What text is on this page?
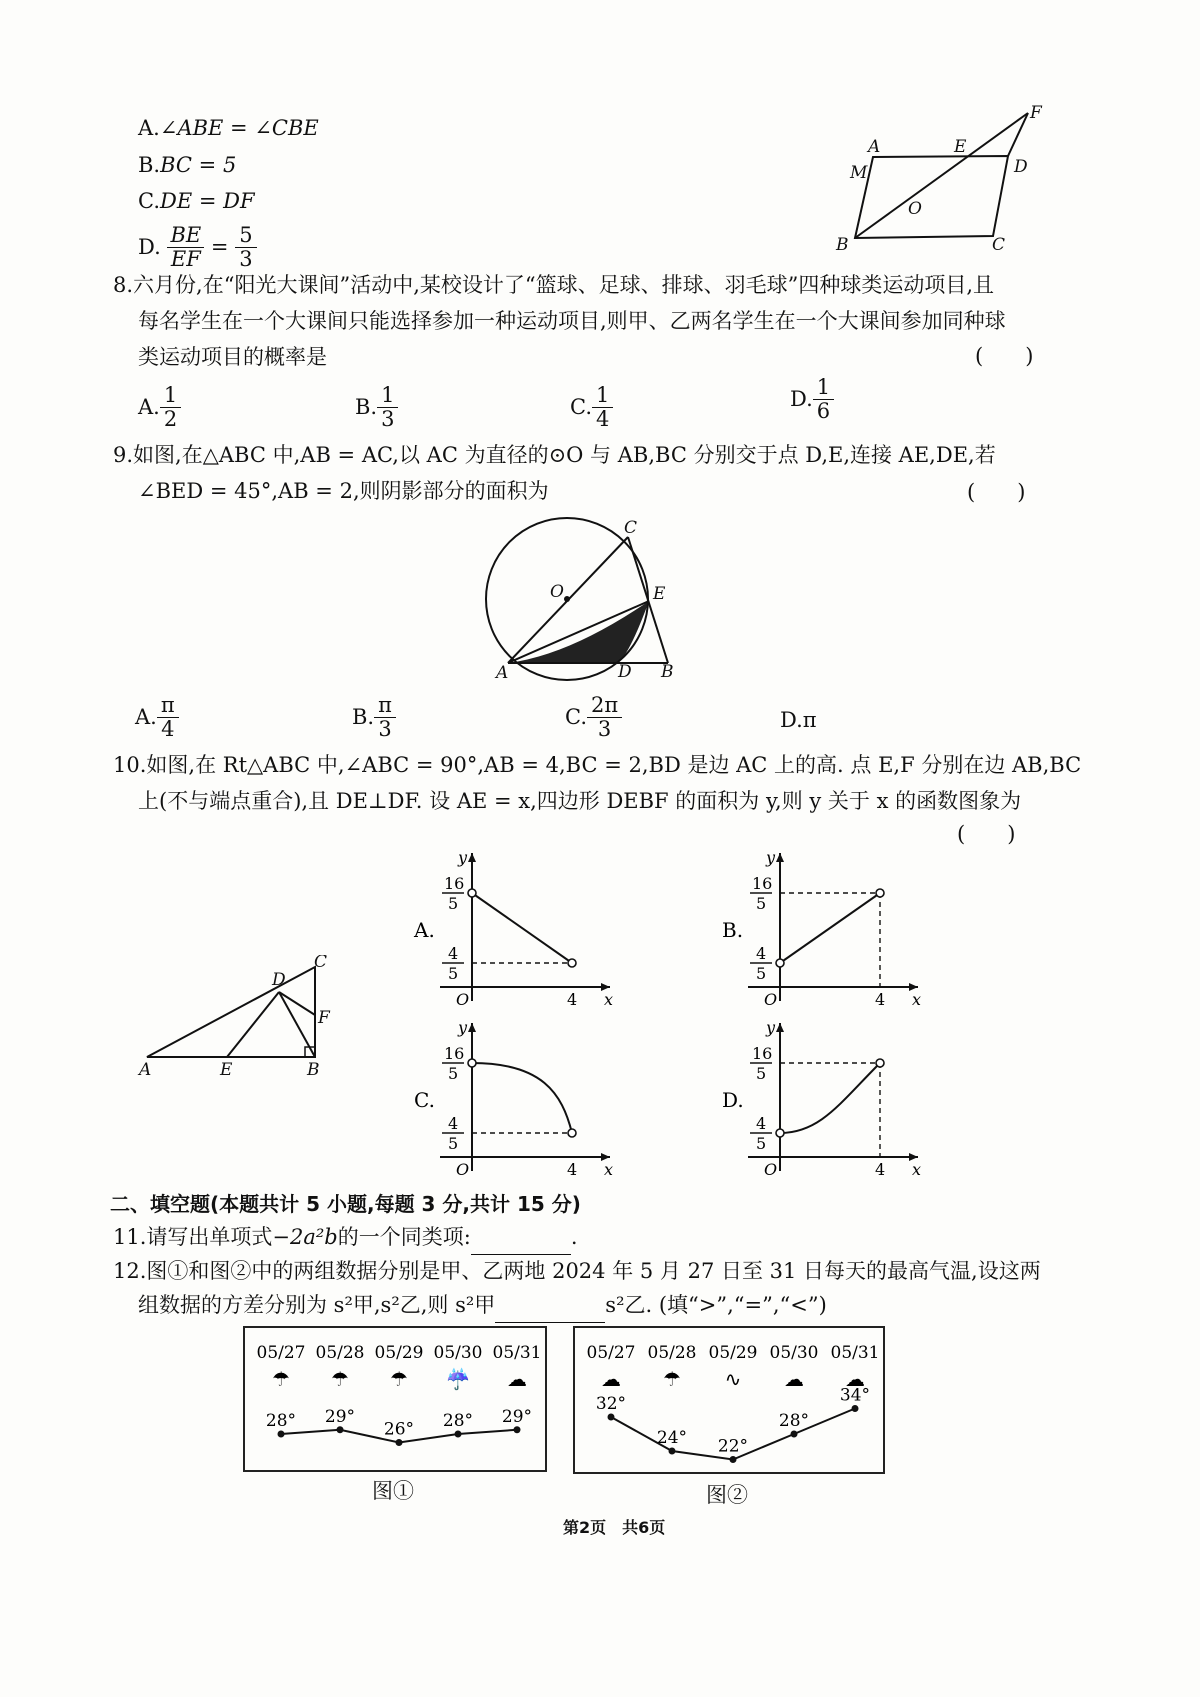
A.∠ABE = ∠CBE
B.BC = 5
C.DE = DF
D. $\frac{BE}{EF} = \frac{5}{3}$
A	E
D
F
M
O
B	C
8.六月份,在“阳光大课间”活动中,某校设计了“篮球、足球、排球、羽毛球”四种球类运动项目,且
每名学生在一个大课间只能选择参加一种运动项目,则甲、乙两名学生在一个大课间参加同种球
类运动项目的概率是	(　　)
A. $\frac{1}{2}$	B. $\frac{1}{3}$	C. $\frac{1}{4}$	D. $\frac{1}{6}$
9.如图,在△ABC 中,AB = AC,以 AC 为直径的⊙O 与 AB,BC 分别交于点 D,E,连接 AE,DE,若
∠BED = 45°,AB = 2,则阴影部分的面积为	(　　)
C
O	E
A	D B
A. $\frac{\pi}{4}$	B. $\frac{\pi}{3}$	C. $\frac{2\pi}{3}$	D.π
10.如图,在 Rt△ABC 中,∠ABC = 90°,AB = 4,BC = 2,BD 是边 AC 上的高. 点 E,F 分别在边 AB,BC
上(不与端点重合),且 DE⊥DF. 设 AE = x,四边形 DEBF 的面积为 y,则 y 关于 x 的函数图象为
(　　)
D
C
F
A	E	B
A.
y
x
O	4
16
5
4
5
B.
y
x
O	4
16
5
4
5
C.
y
x
O	4
16
5
4
5
D.
y
x
O	4
16
5
4
5
二、填空题(本题共计 5 小题,每题 3 分,共计 15 分)
11.请写出单项式−2a²b的一个同类项:	.
12.图①和图②中的两组数据分别是甲、乙两地 2024 年 5 月 27 日至 31 日每天的最高气温,设这两
组数据的方差分别为 s²甲,s²乙,则 s²甲	s²乙. (填“>”,“=”,“<”)
05/27
☂
05/28
☂
05/29
☂
05/30
☔
05/31
☁
28° 29°
26° 28° 29°
图①
05/27
☁
05/28
☂
05/29
∿
05/30
☁
05/31
☁
32°
24° 22°
28°
34°
图②
第2页　共6页
